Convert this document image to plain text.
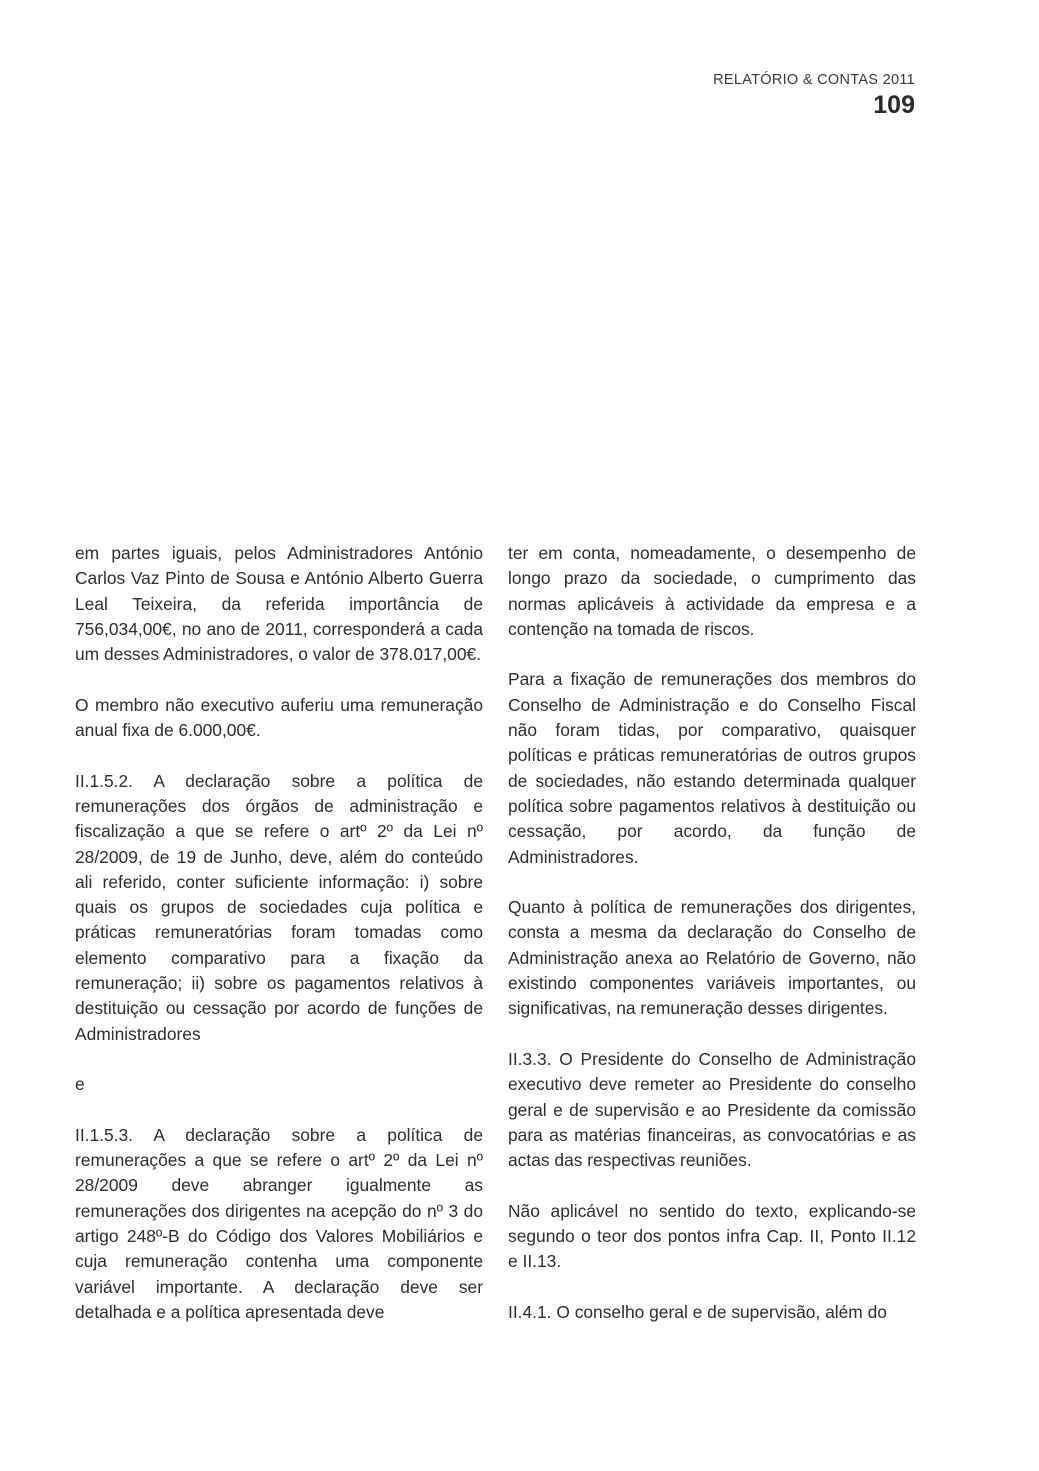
RELATÓRIO & CONTAS 2011
109

em partes iguais, pelos Administradores António Carlos Vaz Pinto de Sousa e António Alberto Guerra Leal Teixeira, da referida importância de 756,034,00€, no ano de 2011, corresponderá a cada um desses Administradores, o valor de 378.017,00€.

O membro não executivo auferiu uma remuneração anual fixa de 6.000,00€.

II.1.5.2. A declaração sobre a política de remunerações dos órgãos de administração e fiscalização a que se refere o artº 2º da Lei nº 28/2009, de 19 de Junho, deve, além do conteúdo ali referido, conter suficiente informação: i) sobre quais os grupos de sociedades cuja política e práticas remuneratórias foram tomadas como elemento comparativo para a fixação da remuneração; ii) sobre os pagamentos relativos à destituição ou cessação por acordo de funções de Administradores

e

II.1.5.3. A declaração sobre a política de remunerações a que se refere o artº 2º da Lei nº 28/2009 deve abranger igualmente as remunerações dos dirigentes na acepção do nº 3 do artigo 248º-B do Código dos Valores Mobiliários e cuja remuneração contenha uma componente variável importante. A declaração deve ser detalhada e a política apresentada deve

ter em conta, nomeadamente, o desempenho de longo prazo da sociedade, o cumprimento das normas aplicáveis à actividade da empresa e a contenção na tomada de riscos.

Para a fixação de remunerações dos membros do Conselho de Administração e do Conselho Fiscal não foram tidas, por comparativo, quaisquer políticas e práticas remuneratórias de outros grupos de sociedades, não estando determinada qualquer política sobre pagamentos relativos à destituição ou cessação, por acordo, da função de Administradores.

Quanto à política de remunerações dos dirigentes, consta a mesma da declaração do Conselho de Administração anexa ao Relatório de Governo, não existindo componentes variáveis importantes, ou significativas, na remuneração desses dirigentes.

II.3.3. O Presidente do Conselho de Administração executivo deve remeter ao Presidente do conselho geral e de supervisão e ao Presidente da comissão para as matérias financeiras, as convocatórias e as actas das respectivas reuniões.

Não aplicável no sentido do texto, explicando-se segundo o teor dos pontos infra Cap. II, Ponto II.12 e II.13.

II.4.1. O conselho geral e de supervisão, além do
